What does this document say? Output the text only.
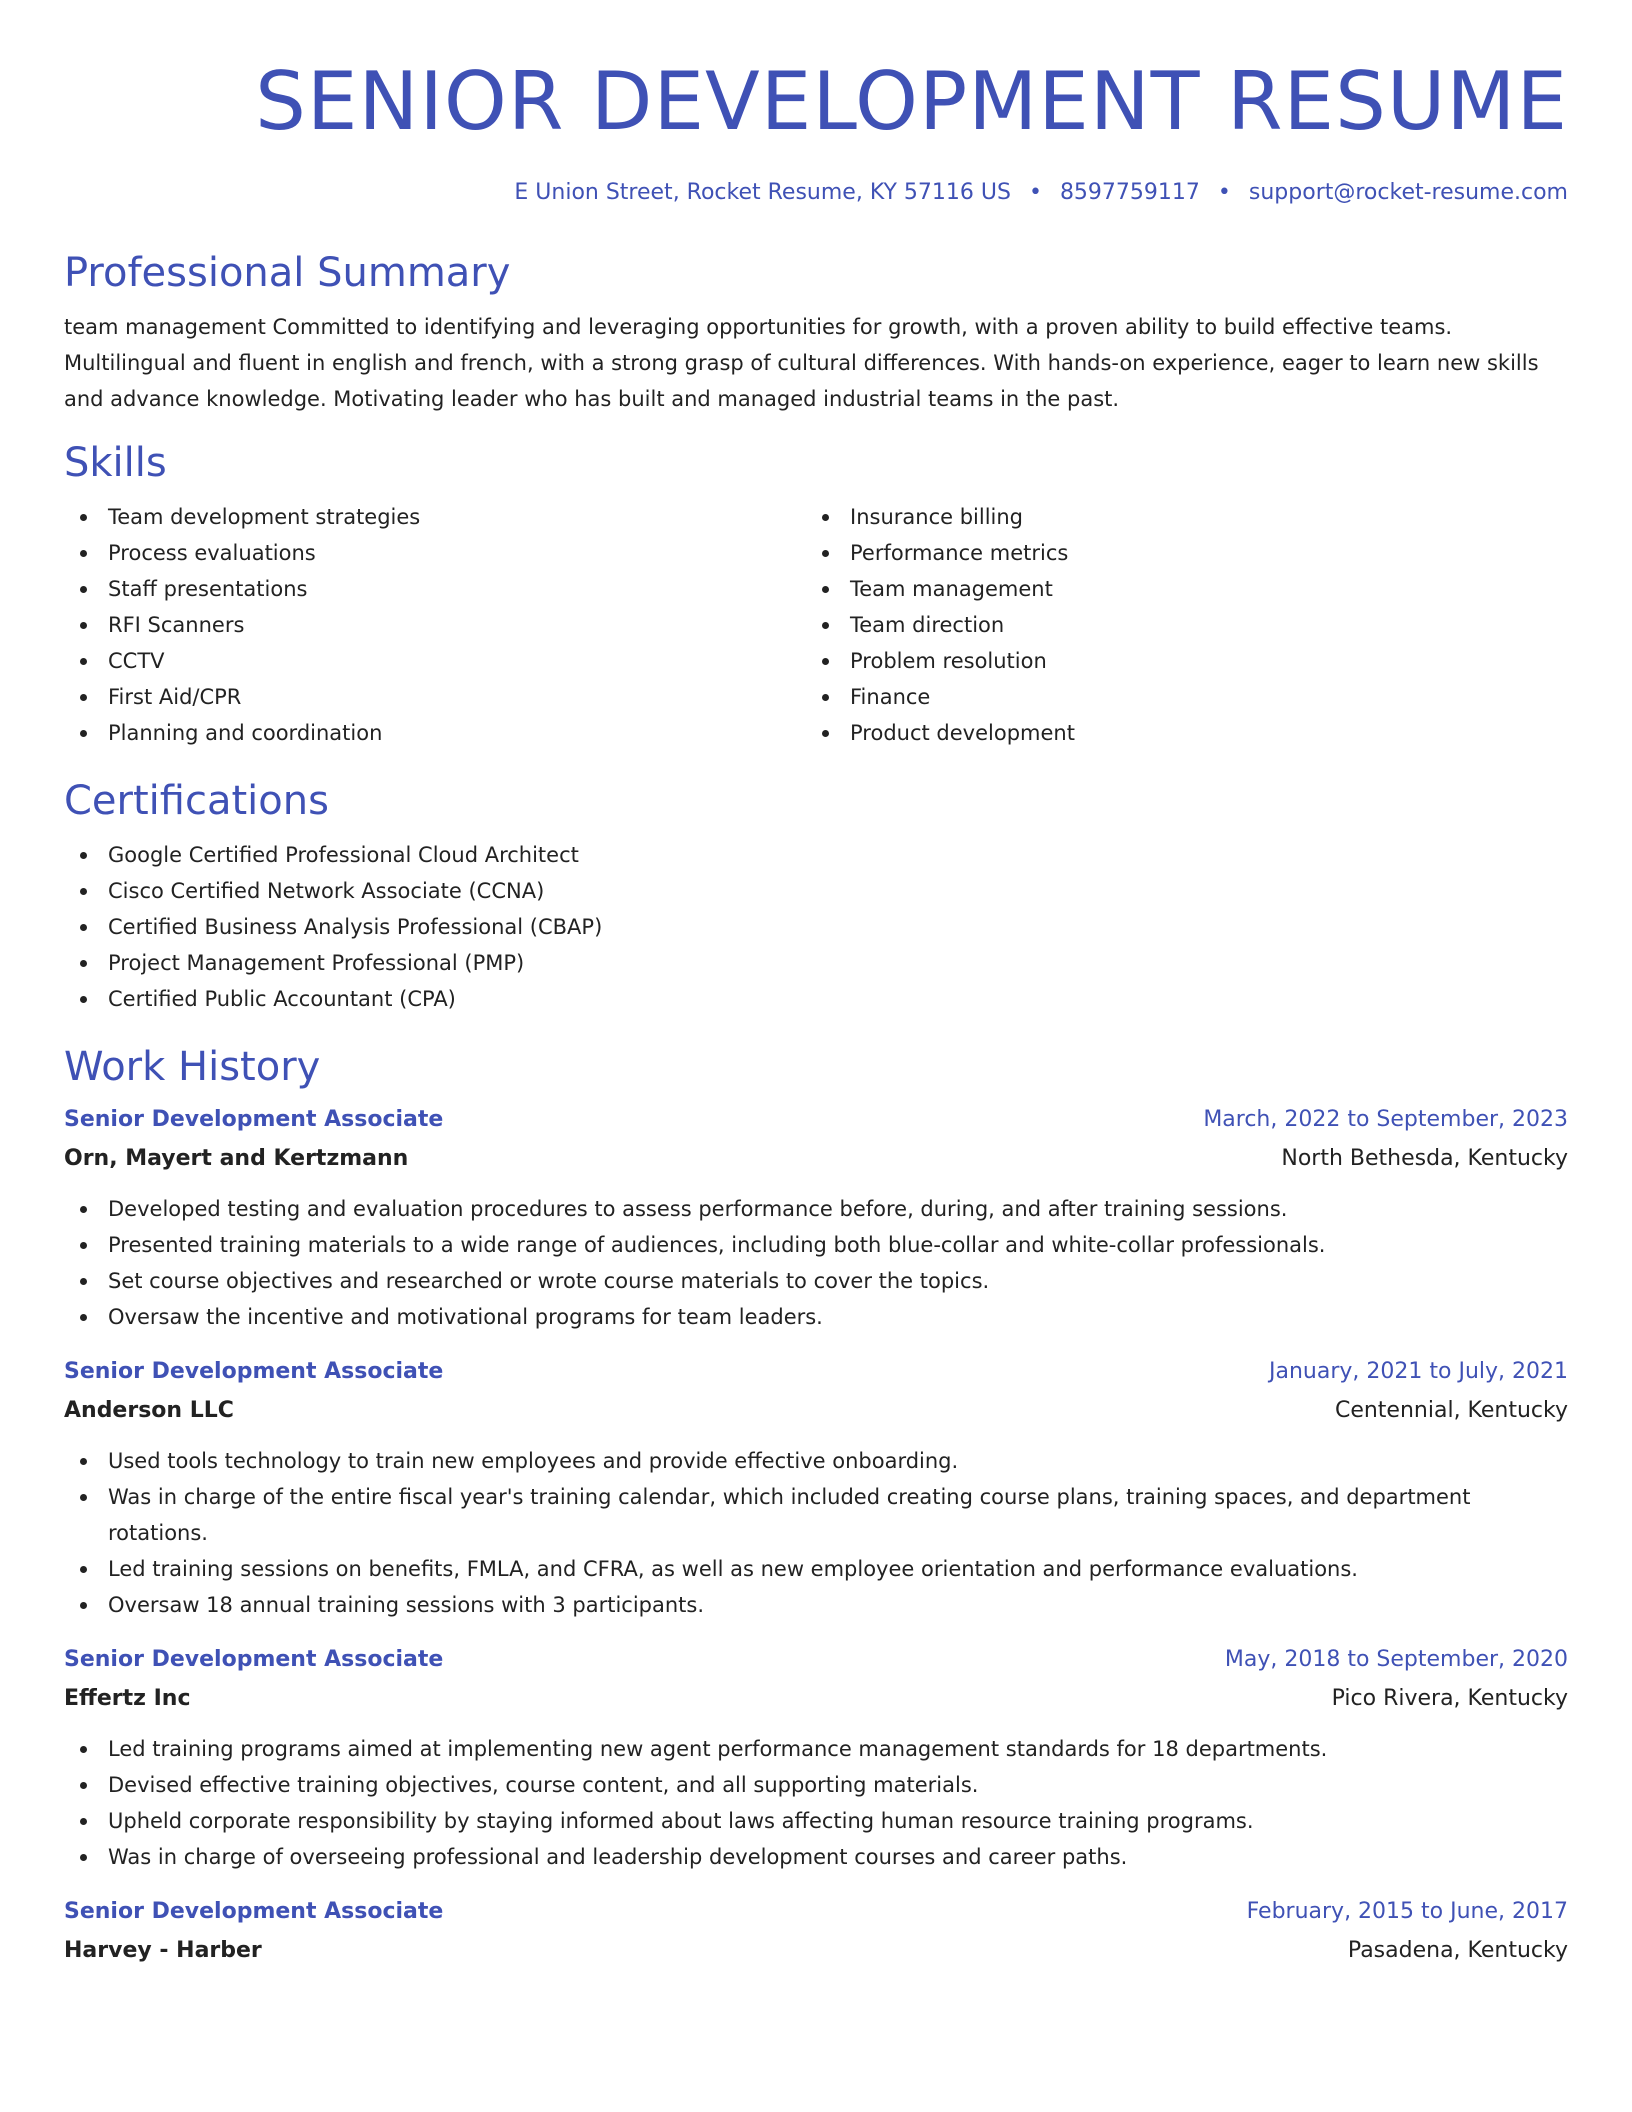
SENIOR DEVELOPMENT RESUME
E Union Street, Rocket Resume, KY 57116 US • 8597759117 • support@rocket-resume.com
Professional Summary

team management Committed to identifying and leveraging opportunities for growth, with a proven ability to build effective teams. Multilingual and fluent in english and french, with a strong grasp of cultural differences. With hands-on experience, eager to learn new skills and advance knowledge. Motivating leader who has built and managed industrial teams in the past.

Skills
Team development strategies
Process evaluations
Staff presentations
RFI Scanners
CCTV
First Aid/CPR
Planning and coordination
Insurance billing
Performance metrics
Team management
Team direction
Problem resolution
Finance
Product development
Certifications
Google Certified Professional Cloud Architect
Cisco Certified Network Associate (CCNA)
Certified Business Analysis Professional (CBAP)
Project Management Professional (PMP)
Certified Public Accountant (CPA)
Work History
Senior Development Associate	March, 2022 to September, 2023
Orn, Mayert and Kertzmann	North Bethesda, Kentucky
Developed testing and evaluation procedures to assess performance before, during, and after training sessions.
Presented training materials to a wide range of audiences, including both blue-collar and white-collar professionals.
Set course objectives and researched or wrote course materials to cover the topics.
Oversaw the incentive and motivational programs for team leaders.
Senior Development Associate	January, 2021 to July, 2021
Anderson LLC	Centennial, Kentucky
Used tools technology to train new employees and provide effective onboarding.
Was in charge of the entire fiscal year's training calendar, which included creating course plans, training spaces, and department rotations.
Led training sessions on benefits, FMLA, and CFRA, as well as new employee orientation and performance evaluations.
Oversaw 18 annual training sessions with 3 participants.
Senior Development Associate	May, 2018 to September, 2020
Effertz Inc	Pico Rivera, Kentucky
Led training programs aimed at implementing new agent performance management standards for 18 departments.
Devised effective training objectives, course content, and all supporting materials.
Upheld corporate responsibility by staying informed about laws affecting human resource training programs.
Was in charge of overseeing professional and leadership development courses and career paths.
Senior Development Associate	February, 2015 to June, 2017
Harvey - Harber	Pasadena, Kentucky
